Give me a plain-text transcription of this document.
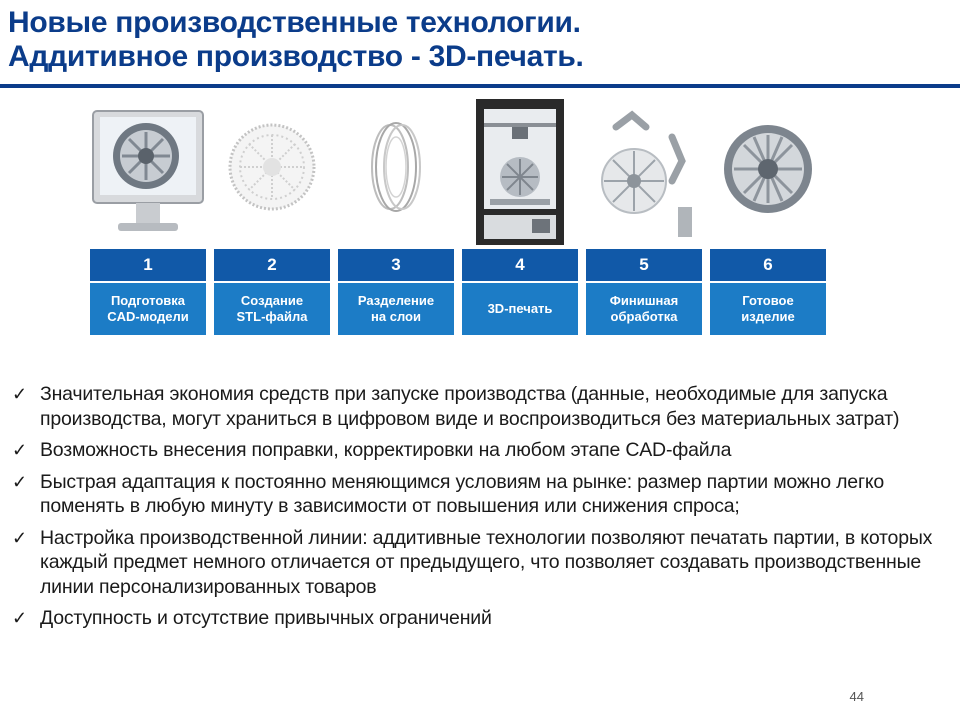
Новые производственные технологии.
Аддитивное производство - 3D-печать.
1
Подготовка
CAD-модели
2
Создание
STL-файла
3
Разделение
на слои
4
3D-печать
5
Финишная
обработка
6
Готовое
изделие
✓ Значительная экономия средств при запуске производства (данные, необходимые для запуска производства, могут храниться в цифровом виде и воспроизводиться без материальных затрат)
✓ Возможность внесения поправки, корректировки на любом этапе CAD-файла
✓ Быстрая адаптация к постоянно меняющимся условиям на рынке: размер партии можно легко поменять в любую минуту в зависимости от повышения или снижения спроса;
✓ Настройка производственной линии: аддитивные технологии позволяют печатать партии, в которых каждый предмет немного отличается от предыдущего, что позволяет создавать производственные линии персонализированных товаров
✓ Доступность и отсутствие привычных ограничений
44
